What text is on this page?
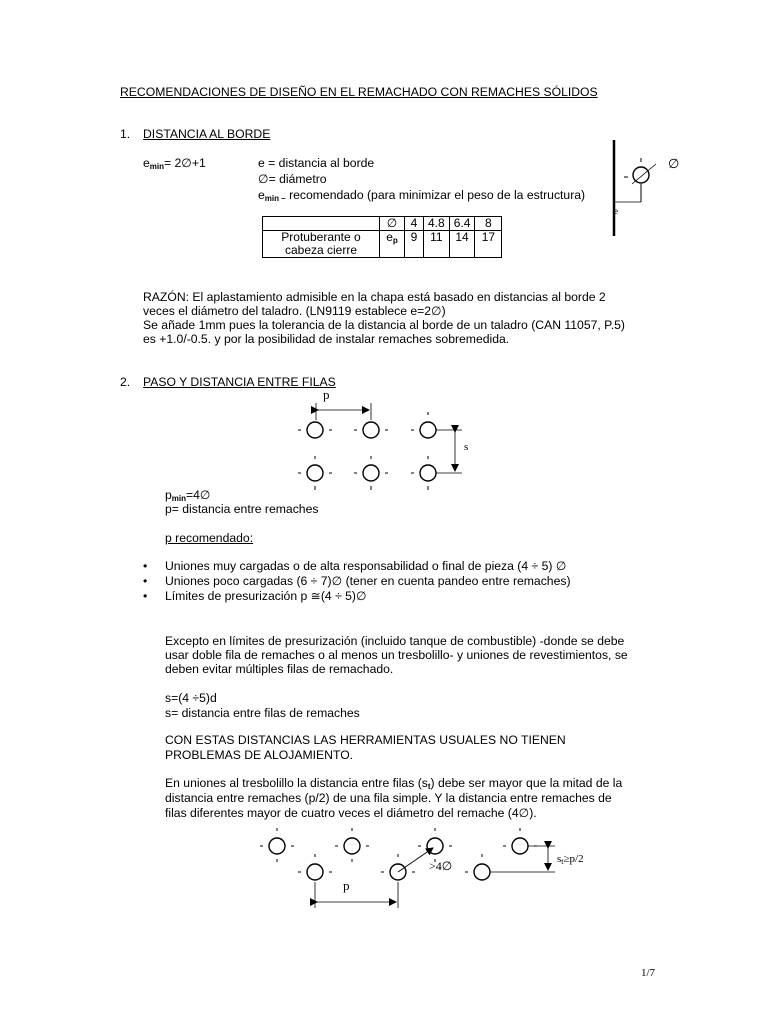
RECOMENDACIONES DE DISEÑO EN EL REMACHADO CON REMACHES SÓLIDOS
1. DISTANCIA AL BORDE
$e_{min}=$ 2∅+1	e = distancia al borde
∅= diámetro
$e_{min -}$ recomendado (para minimizar el peso de la estructura)
	∅	4	4.8	6.4	8
Protuberante o
cabeza cierre	$e_p$	9	11	14	17
∅
e
RAZÓN: El aplastamiento admisible en la chapa está basado en distancias al borde 2
veces el diámetro del taladro. (LN9119 establece e=2∅)
Se añade 1mm pues la tolerancia de la distancia al borde de un taladro (CAN 11057, P.5)
es +1.0/-0.5. y por la posibilidad de instalar remaches sobremedida.
2. PASO Y DISTANCIA ENTRE FILAS
p
s
$p_{min}=4\emptyset$
p= distancia entre remaches
p recomendado:
• Uniones muy cargadas o de alta responsabilidad o final de pieza (4 ÷ 5) ∅
• Uniones poco cargadas (6 ÷ 7)∅ (tener en cuenta pandeo entre remaches)
• Límites de presurización p ≅(4 ÷ 5)∅
Excepto en límites de presurización (incluido tanque de combustible) -donde se debe
usar doble fila de remaches o al menos un tresbolillo- y uniones de revestimientos, se
deben evitar múltiples filas de remachado.
s=(4 ÷5)d
s= distancia entre filas de remaches
CON ESTAS DISTANCIAS LAS HERRAMIENTAS USUALES NO TIENEN
PROBLEMAS DE ALOJAMIENTO.
En uniones al tresbolillo la distancia entre filas $(s_t)$ debe ser mayor que la mitad de la
distancia entre remaches (p/2) de una fila simple. Y la distancia entre remaches de
filas diferentes mayor de cuatro veces el diámetro del remache (4∅).
>4∅
p
st≥p/2
1/7
